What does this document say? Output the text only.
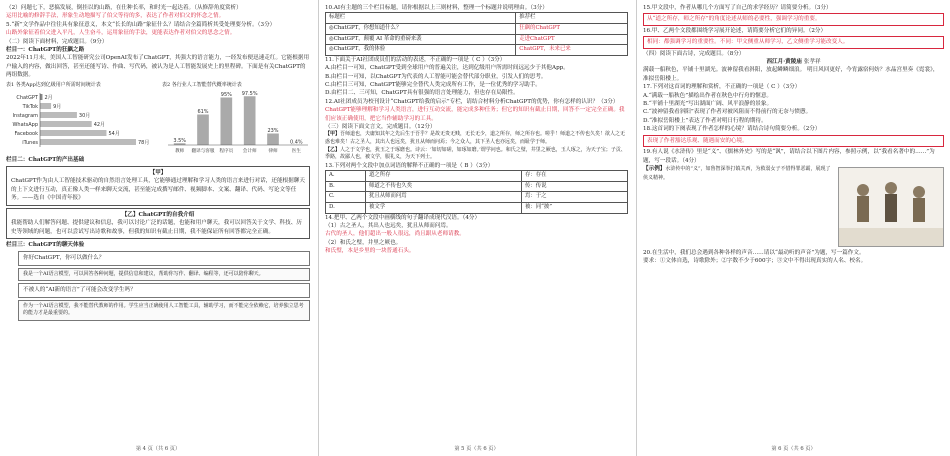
（2）问题七下，恶搞发展，倒挂以的山路，在仕种长率，和时光一起达着。（从修辞角度赏析）
运用比喻的修辞手法，形象生动地描写了伯父等待的多，表达了作者对伯父的怀念之情。
5.“新”文学作品中往往具有象征意义，本文“长长的山路”象征什么？请结合全篇简析其受处理要分析。（3分）
山路外象征着伯父进入平凡，人生奋斗，运用象征的手法，更能表达作者对伯父的思念之情。
（二）阅读下面材料，完成题目。（9分）
栏目一：ChatGPT的狂飙之路
2022年11月末，美国人工智能研究公司OpenAI发布了ChatGPT，其强大的语言能力，一经发布便迅速走红。它能根据用户输入的内容，做出回答，甚至还能写诗、作曲、写代码，被认为是人工智能发展史上的里程碑。下面是有关ChatGPT的两组数据。
表1 各类App达到亿级用户所需时间统计表
ChatGPT 2月
TikTok	9月
Instagram	30月
WhatsApp	42月
Facebook	54月
iTunes	78月
表2 各行业人工智能替代概率统计表
3.5%
教师
61%
翻译与客服
95%
程序员
97.5%
会计师
23%
律师
0.4%
医生
栏目二：ChatGPT的产出基础
【甲】
ChatGPT作为由人工智能技术驱动的自然语言处理工具，它能够通过理解和学习人类的语言来进行对话，还能根据聊天的上下文进行互动，真正像人类一样来聊天交流，甚至能完成撰写邮件、视频脚本、文案、翻译、代码、写论文等任务。——选自《中国青年报》
【乙】ChatGPT的自我介绍
我能帮助人们解答问题、提供建议和信息，我可以讨论广泛的话题，也能和用户聊天，我可以回答关于文学、科技、历史等领域的问题，也可以尝试写出诗歌和故事，但我的知识有截止日期，我不能保证所有回答都完全正确。
栏目三：ChatGPT的聊天体验
你好ChatGPT，你可以做什么？
我是一个AI语言模型，可以回答各种问题，提供信息和建议，帮助你写作、翻译、编程等，还可以陪你聊天。
不被人的“AI新的语言”了可能会改变学生吗？
作为一个AI语言模型，我不能替代教师的作用。学生应当正确使用人工智能工具，辅助学习，而不能完全依赖它，培养独立思考的能力才是最重要的。
第 4 页（共 6 页）
10.AI有主题的三个栏目标题，请你根据以上三则材料，整理一个标题并说明理由。（3分）
标题栏	推荐栏
◎ChatGPT，你想知道什么？	狂飙的ChatGPT
◎ChatGPT，颠覆 AI 革命的重磅来袭	走进ChatGPT
◎ChatGPT，我的体验	ChatGPT，未来已来
11.下面关于AI社团成员们的活动的表述，不正确的一项是（ C ）（3分）
A.由栏目一可知，ChatGPT受到全球用户的普遍关注，达到亿级用户所需时间远远少于其他App。
B.由栏目一可知，以ChatGPT为代表的人工智能可能会替代部分职业，引发人们的思考。
C.由栏目三可知，ChatGPT能够完全替代人类完成所有工作，是一位优秀的学习助手。
D.由栏目二、三可知，ChatGPT具有很强的语言处理能力，但也存在局限性。
12.AI社团成员为校刊设计“ChatGPT给我的启示”专栏，请结合材料分析ChatGPT的优势，你有怎样的认识？（3分）
ChatGPT能够理解和学习人类语言，进行互动交流，能完成多种任务；但它的知识有截止日期，回答不一定完全正确。我们应该正确使用，把它当作辅助学习的工具。
（三）阅读下面文言文，完成题目。（12分）
【甲】吾师道也，夫庸知其年之先后生于吾乎？是故无贵无贱，无长无少，道之所存，师之所存也。嗟乎！师道之不传也久矣！欲人之无惑也难矣！古之圣人，其出人也远矣，犹且从师而问焉；今之众人，其下圣人也亦远矣，而耻学于师。
【乙】人之于文学也，犹玉之于琢磨也。诗云：‘如切如磋，如琢如磨。’谓学问也。和氏之璧，井里之厥也，玉人琢之，为天子宝；子贡、季路，故鄙人也，被文学，服礼义，为天下列士。
13.下列对两个文段中加点词语的解释不正确的一项是（ B ）（3分）
A.	道之所存	存：存在
B.	师道之不传也久矣	传：传说
C.	犹且从师而问焉	焉：于之
D.	被文学	被：同“披”
14.把甲、乙两个文段中画横线的句子翻译成现代汉语。（4分）
（1）古之圣人，其出人也远矣，犹且从师而问焉。
古代的圣人，他们超出一般人很远，尚且跟从老师请教。
（2）和氏之璧，井里之厥也。
和氏璧，本是乡里的一块普通石头。
第 5 页（共 6 页）
15.甲文段中，作者从哪几个方面写了自己的求学经历？请简要分析。（3分）
从“道之所存，师之所存”的角度论述从师的必要性，强调学习的重要。
16.甲、乙两个文段都围绕学习展开论述，请简要分析它们的异同。（2分）
相同：都强调学习的重要性。不同：甲文侧重从师学习，乙文侧重学习能改变人。
（四）阅读下面古诗，完成题目。（8分）
西江月·黄陵庙 张孝祥
满载一船秋色，平铺十里湖光。波神留我看斜阳，放起鳞鳞细浪。 明日风回更好，今宵露宿何妨？水晶宫里奏《霓裳》，准拟岳阳楼上。
17.下列对这首词的理解和赏析，不正确的一项是（ C ）（3分）
A.“满载一船秋色”描绘出作者在秋色中行舟的惬意。
B.“平铺十里湖光”写出湖面广阔、风平浪静的景象。
C.“波神留我看斜阳”表现了作者对被风阻而不得前行的无奈与愤懑。
D.“准拟岳阳楼上”表达了作者对明日行程的期待。
18.这首词的下阕表现了作者怎样的心境？请结合诗句简要分析。（2分）
表现了作者豁达乐观、随遇而安的心境。
19.有人说《水浒传》里是“义”、《儒林外史》写的是“讽”，请结合以下图片内容，参照示例，以“我看名著中的……”为题，写一段话。（4分）
【示例】水浒传中的“义”，如鲁智深拳打镇关西，为救弱女子不惜得罪恶霸，展现了侠义精神。
20.在生活中，我们总会遇到各种各样的声音……请以“最动听的声音”为题，写一篇作文。
要求：①文体自选，诗歌除外；②字数不少于600字；③文中不得出现真实的人名、校名。
第 6 页（共 6 页）
